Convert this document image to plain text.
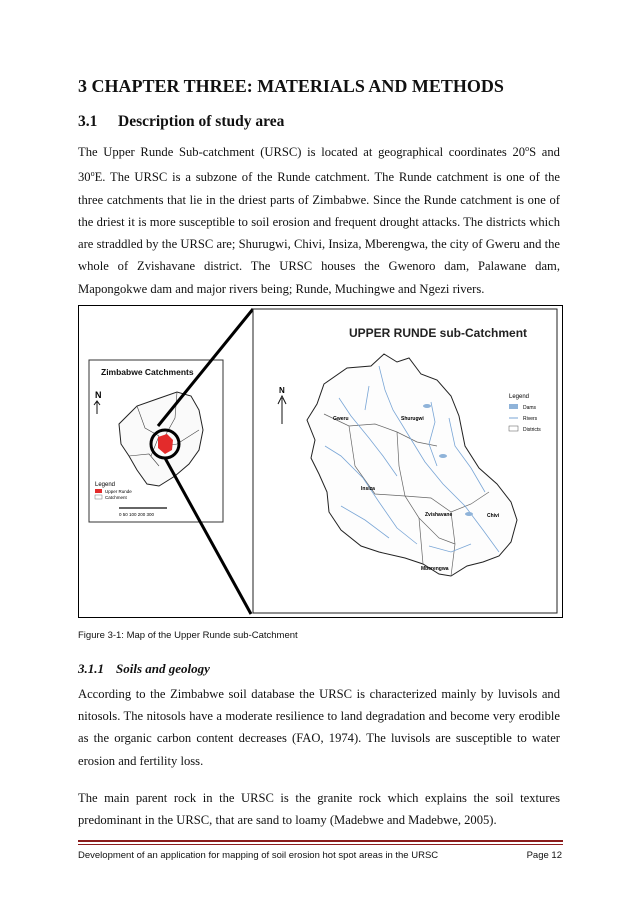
3 CHAPTER THREE: MATERIALS AND METHODS
3.1 Description of study area
The Upper Runde Sub-catchment (URSC) is located at geographical coordinates 20$^o$S and 30$^o$E. The URSC is a subzone of the Runde catchment. The Runde catchment is one of the three catchments that lie in the driest parts of Zimbabwe. Since the Runde catchment is one of the driest it is more susceptible to soil erosion and frequent drought attacks. The districts which are straddled by the URSC are; Shurugwi, Chivi, Insiza, Mberengwa, the city of Gweru and the whole of Zvishavane district. The URSC houses the Gwenoro dam, Palawane dam, Mapongokwe dam and major rivers being; Runde, Muchingwe and Ngezi rivers.
Zimbabwe Catchments
N
Legend
Upper Runde
Catchment
0 50 100 200 300
UPPER RUNDE sub-Catchment
N
Gweru	Shurugwi
Insiza
Zvishavane	Chivi
Mberengwa
Legend
Dams
Rivers
Districts
Figure 3-1: Map of the Upper Runde sub-Catchment
3.1.1 Soils and geology
According to the Zimbabwe soil database the URSC is characterized mainly by luvisols and nitosols. The nitosols have a moderate resilience to land degradation and become very erodible as the organic carbon content decreases (FAO, 1974). The luvisols are susceptible to water erosion and fertility loss.
The main parent rock in the URSC is the granite rock which explains the soil textures predominant in the URSC, that are sand to loamy (Madebwe and Madebwe, 2005).
Development of an application for mapping of soil erosion hot spot areas in the URSC	Page 12
